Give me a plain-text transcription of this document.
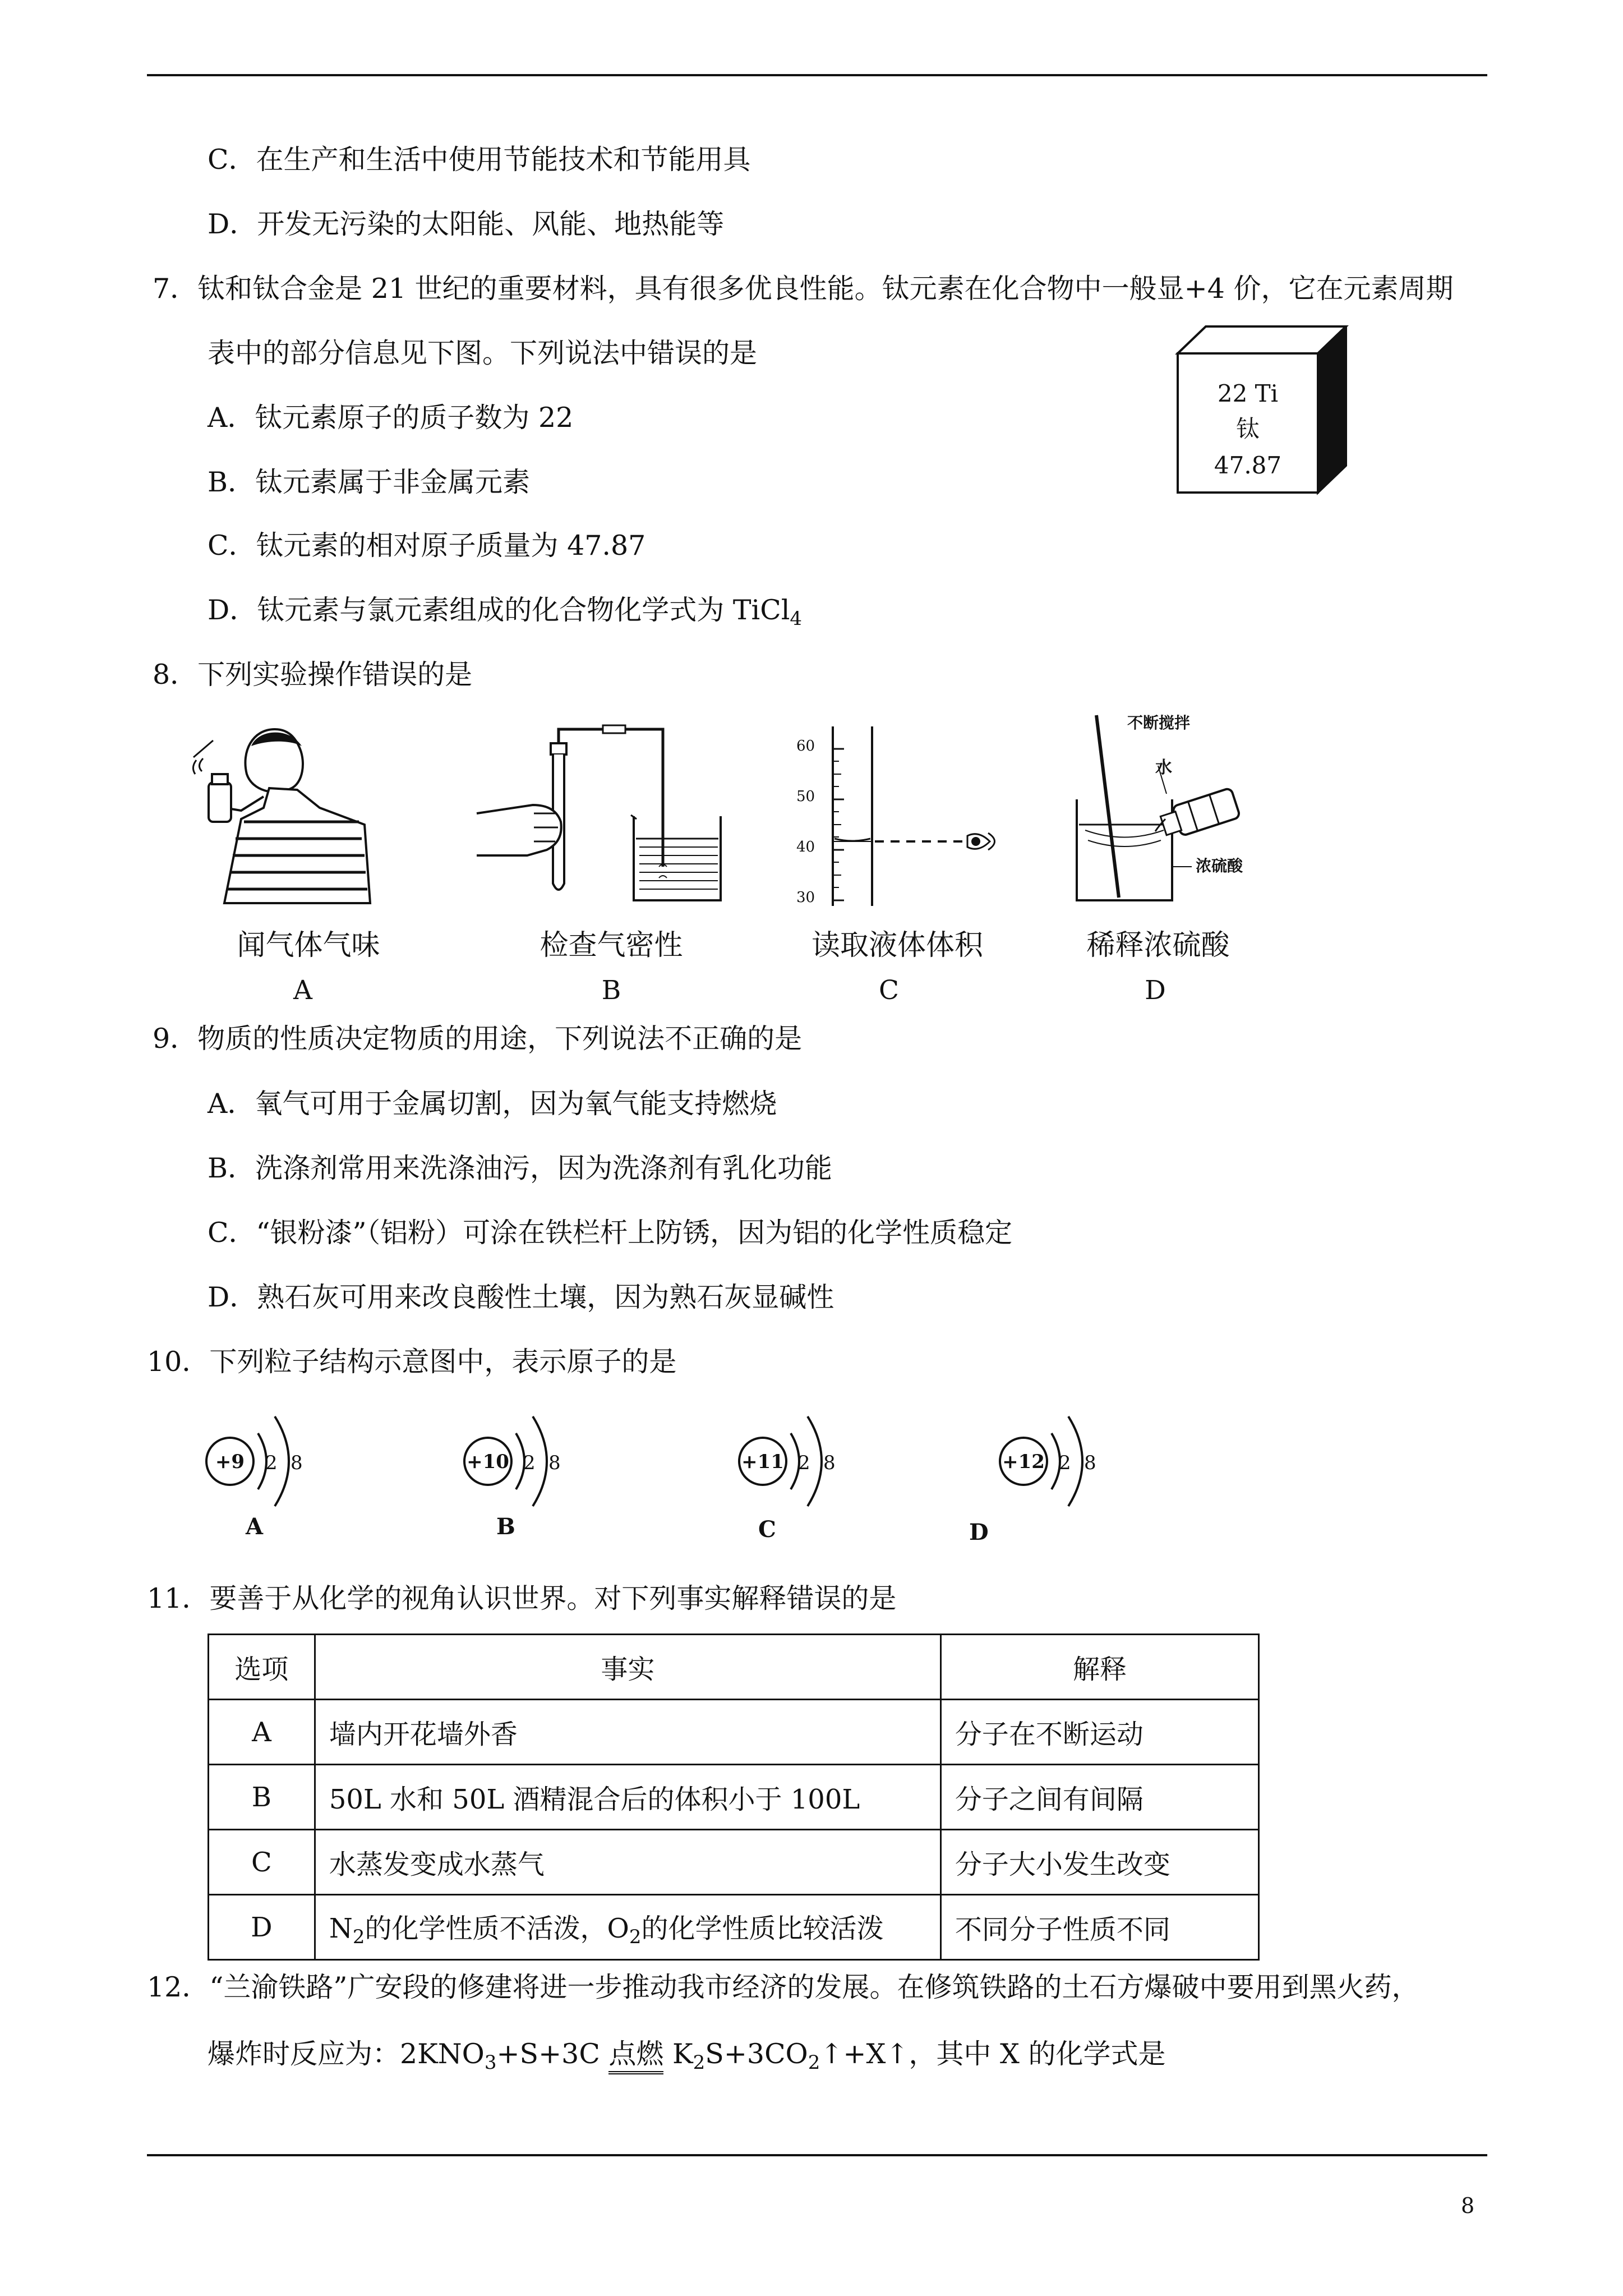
C．在生产和生活中使用节能技术和节能用具
D．开发无污染的太阳能、风能、地热能等
7．钛和钛合金是 21 世纪的重要材料，具有很多优良性能。钛元素在化合物中一般显+4 价，它在元素周期
表中的部分信息见下图。下列说法中错误的是
A．钛元素原子的质子数为 22
B．钛元素属于非金属元素
C．钛元素的相对原子质量为 47.87
D．钛元素与氯元素组成的化合物化学式为 TiCl$_4$
22 Ti
钛
47.87
8．下列实验操作错误的是
60
50
40
30
不断搅拌
水
浓硫酸
闻气体气味	检查气密性	读取液体体积	稀释浓硫酸
A	B	C	D
9．物质的性质决定物质的用途，下列说法不正确的是
A．氧气可用于金属切割，因为氧气能支持燃烧
B．洗涤剂常用来洗涤油污，因为洗涤剂有乳化功能
C．“银粉漆”（铝粉）可涂在铁栏杆上防锈，因为铝的化学性质稳定
D．熟石灰可用来改良酸性土壤，因为熟石灰显碱性
10．下列粒子结构示意图中，表示原子的是
+9	2 8
A
+10 2 8
B
+11 2 8
C
+12 2 8
D
11．要善于从化学的视角认识世界。对下列事实解释错误的是
选项	事实	解释
A	墙内开花墙外香	分子在不断运动
B	50L 水和 50L 酒精混合后的体积小于 100L	分子之间有间隔
C	水蒸发变成水蒸气	分子大小发生改变
D	$N_2$的化学性质不活泼，$O_2$的化学性质比较活泼	不同分子性质不同
12．“兰渝铁路”广安段的修建将进一步推动我市经济的发展。在修筑铁路的土石方爆破中要用到黑火药，
爆炸时反应为：$2KNO_3+S+3C$ 点燃 $K_2S+3CO_2↑+X↑$，其中 X 的化学式是
8
